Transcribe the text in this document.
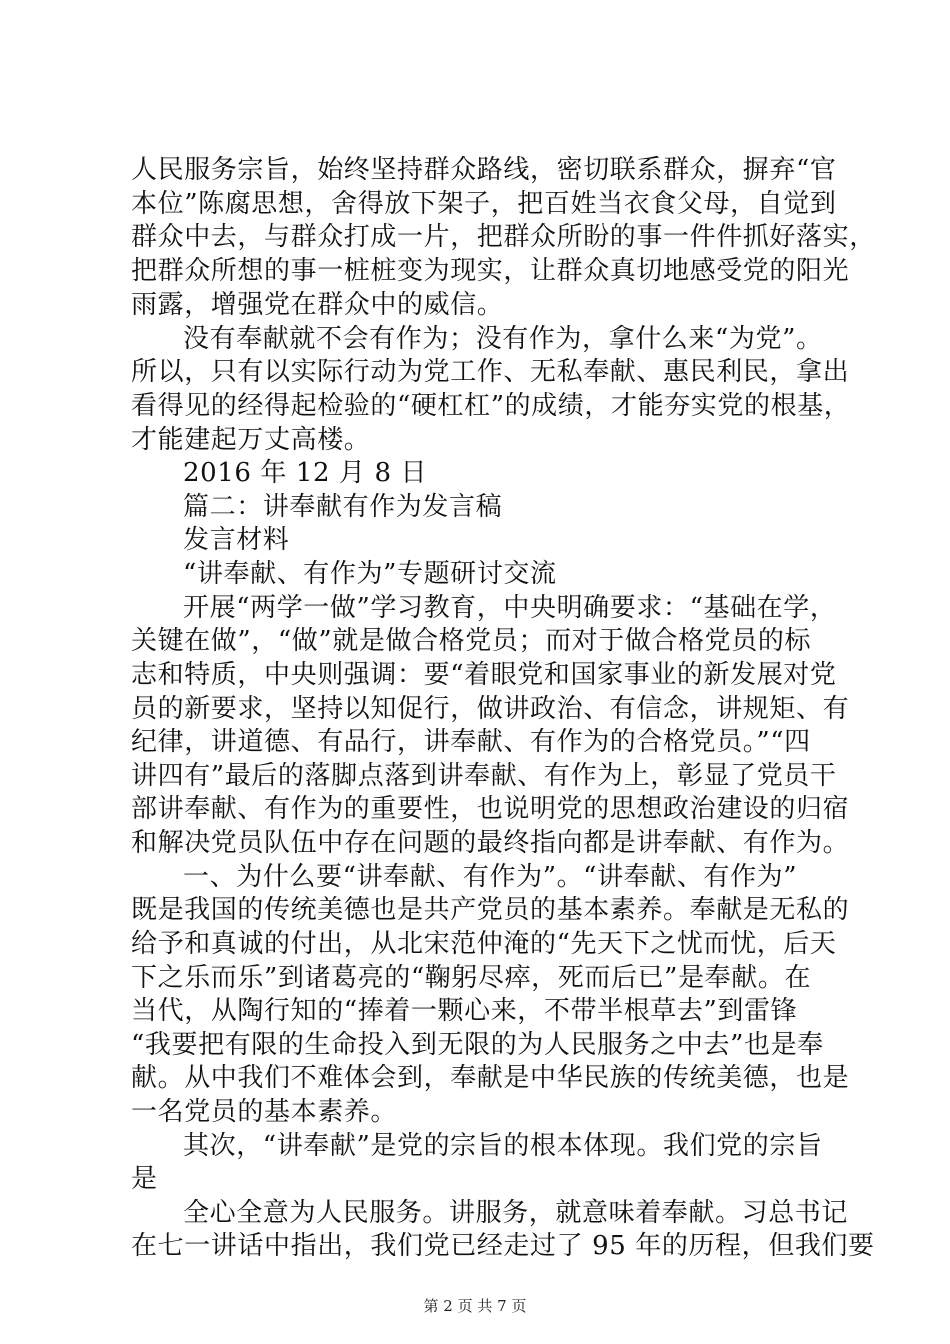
人民服务宗旨，始终坚持群众路线，密切联系群众，摒弃“官
本位”陈腐思想，舍得放下架子，把百姓当衣食父母，自觉到
群众中去，与群众打成一片，把群众所盼的事一件件抓好落实，
把群众所想的事一桩桩变为现实，让群众真切地感受党的阳光
雨露，增强党在群众中的威信。
没有奉献就不会有作为；没有作为，拿什么来“为党”。
所以，只有以实际行动为党工作、无私奉献、惠民利民，拿出
看得见的经得起检验的“硬杠杠”的成绩，才能夯实党的根基，
才能建起万丈高楼。
2016 年 12 月 8 日
篇二：讲奉献有作为发言稿
发言材料
“讲奉献、有作为”专题研讨交流
开展“两学一做”学习教育，中央明确要求：“基础在学，
关键在做”，“做”就是做合格党员；而对于做合格党员的标
志和特质，中央则强调：要“着眼党和国家事业的新发展对党
员的新要求，坚持以知促行，做讲政治、有信念，讲规矩、有
纪律，讲道德、有品行，讲奉献、有作为的合格党员。”“四
讲四有”最后的落脚点落到讲奉献、有作为上，彰显了党员干
部讲奉献、有作为的重要性，也说明党的思想政治建设的归宿
和解决党员队伍中存在问题的最终指向都是讲奉献、有作为。
一、为什么要“讲奉献、有作为”。“讲奉献、有作为”
既是我国的传统美德也是共产党员的基本素养。奉献是无私的
给予和真诚的付出，从北宋范仲淹的“先天下之忧而忧，后天
下之乐而乐”到诸葛亮的“鞠躬尽瘁，死而后已”是奉献。在
当代，从陶行知的“捧着一颗心来，不带半根草去”到雷锋
“我要把有限的生命投入到无限的为人民服务之中去”也是奉
献。从中我们不难体会到，奉献是中华民族的传统美德，也是
一名党员的基本素养。
其次，“讲奉献”是党的宗旨的根本体现。我们党的宗旨
是
全心全意为人民服务。讲服务，就意味着奉献。习总书记
在七一讲话中指出，我们党已经走过了 95 年的历程，但我们要
第 2 页 共 7 页
